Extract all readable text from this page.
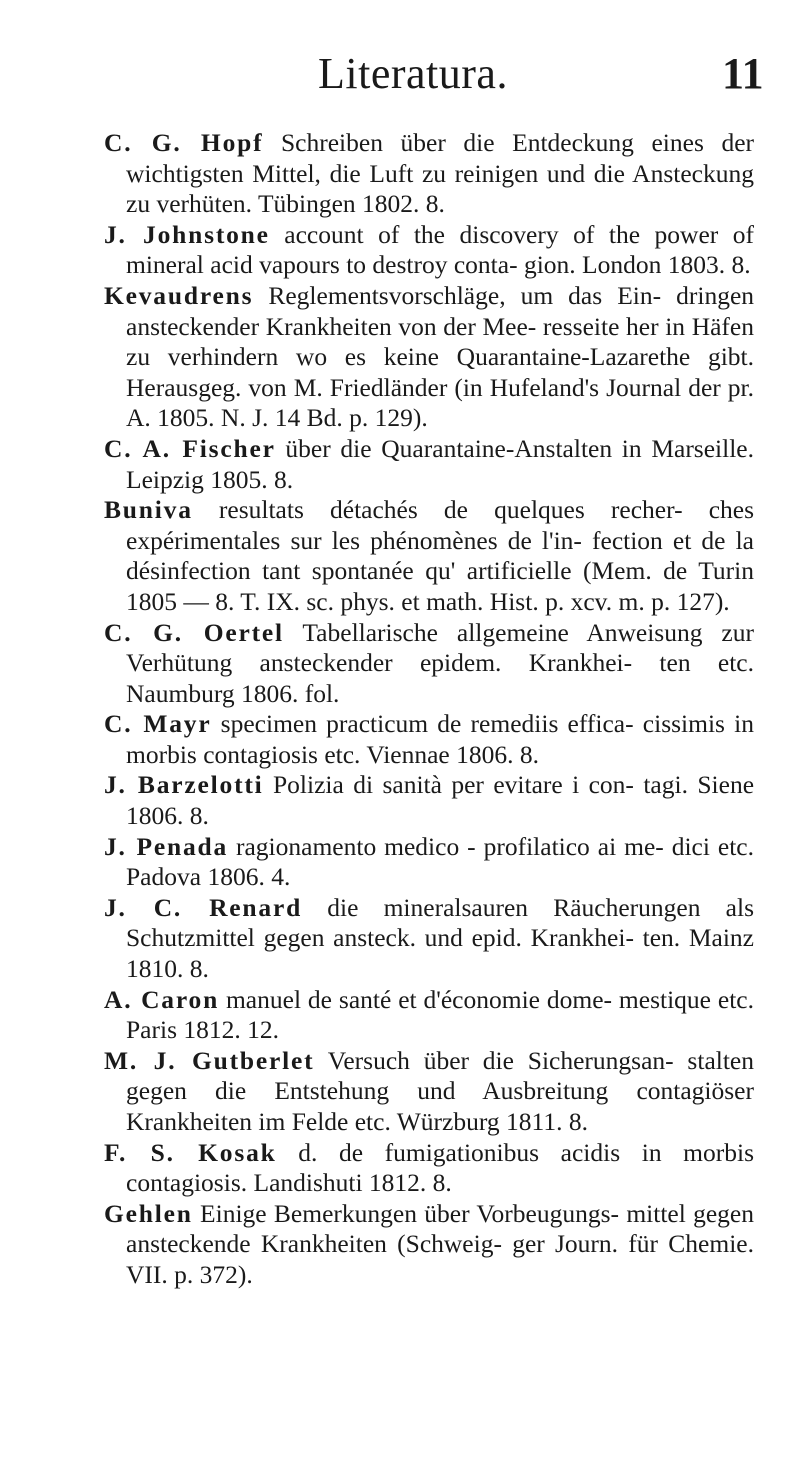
Literatura.	11

C. G. Hopf Schreiben über die Entdeckung eines der wichtigsten Mittel, die Luft zu reinigen und die Ansteckung zu verhüten. Tübingen 1802. 8.

J. Johnstone account of the discovery of the power of mineral acid vapours to destroy conta- gion. London 1803. 8.

Kevaudrens Reglementsvorschläge, um das Ein- dringen ansteckender Krankheiten von der Mee- resseite her in Häfen zu verhindern wo es keine Quarantaine-Lazarethe gibt. Herausgeg. von M. Friedländer (in Hufeland's Journal der pr. A. 1805. N. J. 14 Bd. p. 129).

C. A. Fischer über die Quarantaine-Anstalten in Marseille. Leipzig 1805. 8.

Buniva resultats détachés de quelques recher- ches expérimentales sur les phénomènes de l'in- fection et de la désinfection tant spontanée qu' artificielle (Mem. de Turin 1805 — 8. T. IX. sc. phys. et math. Hist. p. xcv. m. p. 127).

C. G. Oertel Tabellarische allgemeine Anweisung zur Verhütung ansteckender epidem. Krankhei- ten etc. Naumburg 1806. fol.

C. Mayr specimen practicum de remediis effica- cissimis in morbis contagiosis etc. Viennae 1806. 8.

J. Barzelotti Polizia di sanità per evitare i con- tagi. Siene 1806. 8.

J. Penada ragionamento medico - profilatico ai me- dici etc. Padova 1806. 4.

J. C. Renard die mineralsauren Räucherungen als Schutzmittel gegen ansteck. und epid. Krankhei- ten. Mainz 1810. 8.

A. Caron manuel de santé et d'économie dome- mestique etc. Paris 1812. 12.

M. J. Gutberlet Versuch über die Sicherungsan- stalten gegen die Entstehung und Ausbreitung contagiöser Krankheiten im Felde etc. Würzburg 1811. 8.

F. S. Kosak d. de fumigationibus acidis in morbis contagiosis. Landishuti 1812. 8.

Gehlen Einige Bemerkungen über Vorbeugungs- mittel gegen ansteckende Krankheiten (Schweig- ger Journ. für Chemie. VII. p. 372).
